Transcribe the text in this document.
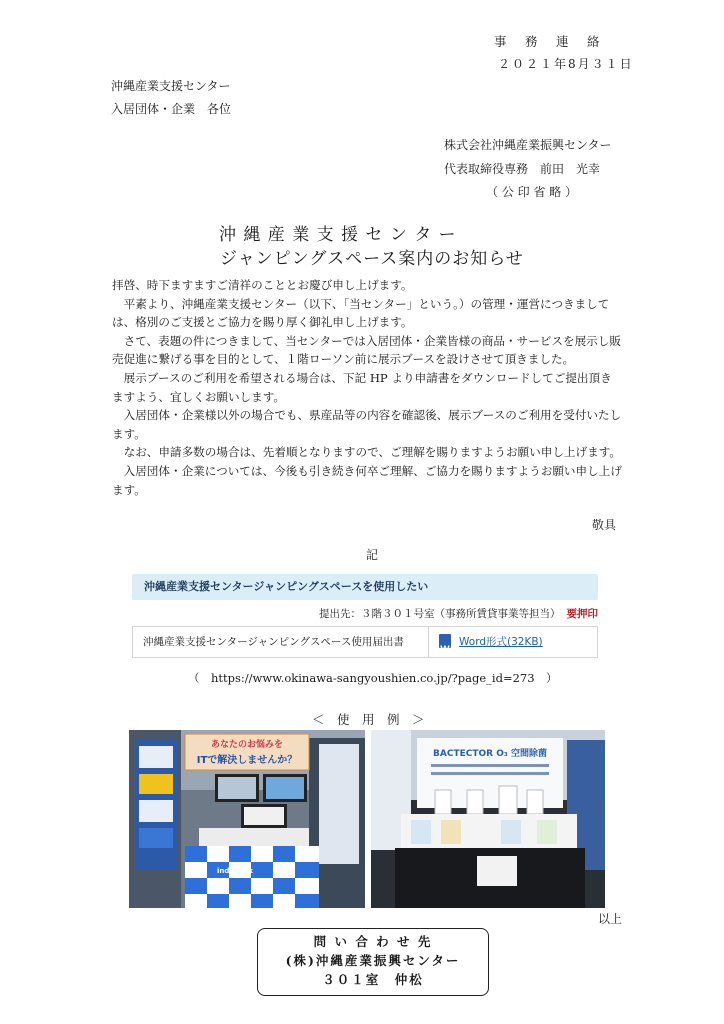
事　務　連　絡
２０２１年8月３１日
沖縄産業支援センター
入居団体・企業　各位
株式会社沖縄産業振興センター
代表取締役専務　前田　光幸
（ 公 印 省 略 ）
沖 縄 産 業 支 援 セ ン タ ー
ジャンピングスペース案内のお知らせ

拝啓、時下ますますご清祥のこととお慶び申し上げます。

平素より、沖縄産業支援センター（以下、「当センター」という。）の管理・運営につきましては、格別のご支援とご協力を賜り厚く御礼申し上げます。

さて、表題の件につきまして、当センターでは入居団体・企業皆様の商品・サービスを展示し販売促進に繋げる事を目的として、１階ローソン前に展示ブースを設けさせて頂きました。

展示ブースのご利用を希望される場合は、下記 HP より申請書をダウンロードしてご提出頂きますよう、宜しくお願いします。

入居団体・企業様以外の場合でも、県産品等の内容を確認後、展示ブースのご利用を受付いたします。

なお、申請多数の場合は、先着順となりますので、ご理解を賜りますようお願い申し上げます。

入居団体・企業については、今後も引き続き何卒ご理解、ご協力を賜りますようお願い申し上げます。

敬具
記
沖縄産業支援センタージャンピングスペースを使用したい
提出先：３階３０１号室（事務所賃貸事業等担当） 要押印
沖縄産業支援センタージャンピングスペース使用届出書
W	Word形式(32KB)
（　https://www.okinawa-sangyoushien.co.jp/?page_id=273　）
＜　使　用　例　＞
あなたのお悩みを
ITで解決しませんか？
induslink
BACTECTOR O₃ 空間除菌
以上
問 い 合 わ せ 先
(株)沖縄産業振興センター
３０１室　仲松
